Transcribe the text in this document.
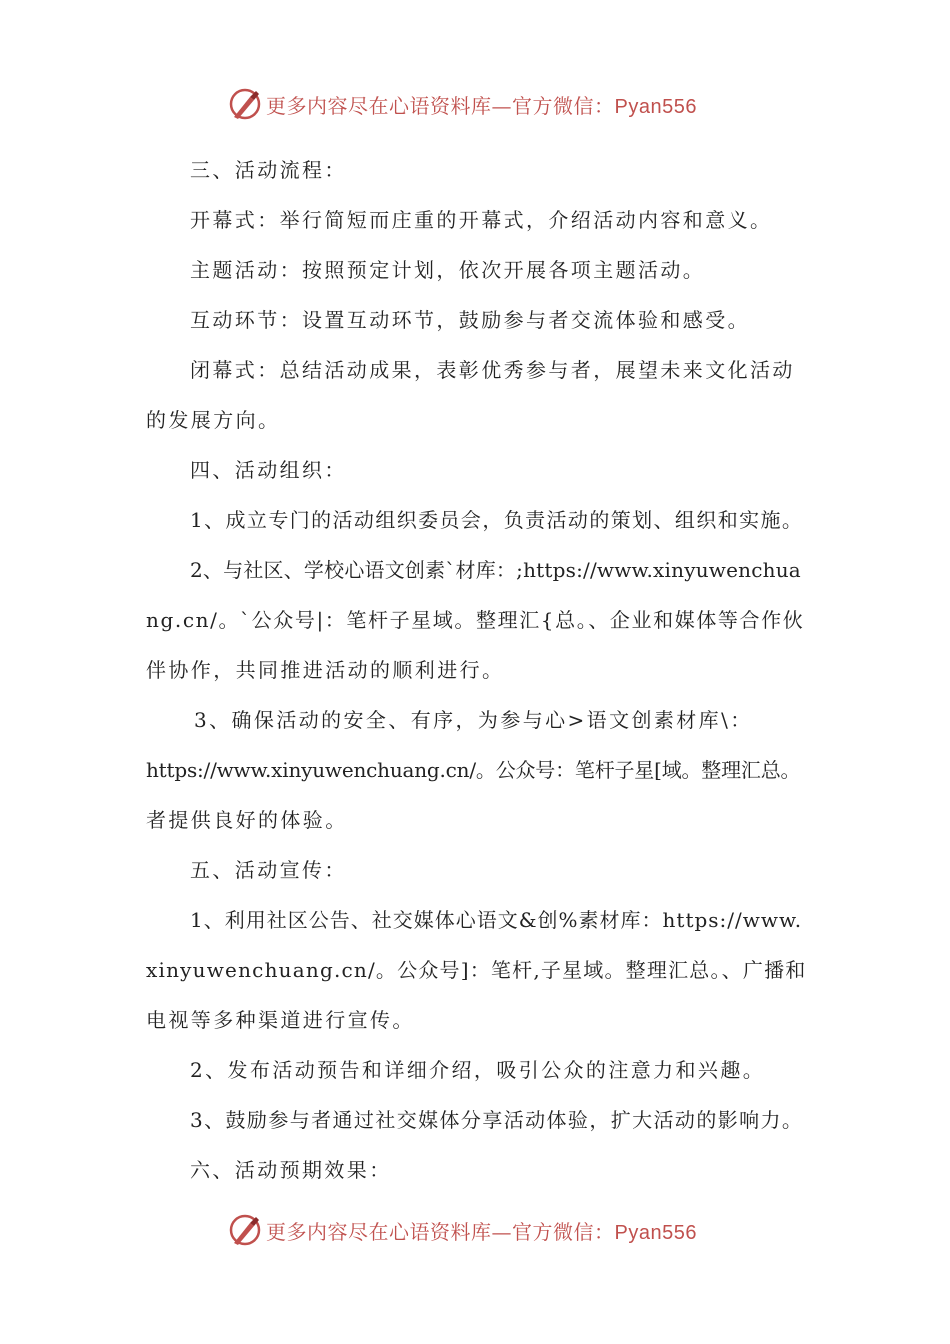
更多内容尽在心语资料库—官方微信：Pyan556
三、活动流程：
开幕式：举行简短而庄重的开幕式，介绍活动内容和意义。
主题活动：按照预定计划，依次开展各项主题活动。
互动环节：设置互动环节，鼓励参与者交流体验和感受。
闭幕式：总结活动成果，表彰优秀参与者，展望未来文化活动
的发展方向。
四、活动组织：
1、成立专门的活动组织委员会，负责活动的策划、组织和实施。
2、与社区、学校心语文创素`材库：;https://www.xinyuwenchua
ng.cn/。`公众号|：笔杆子星域。整理汇{总。、企业和媒体等合作伙
伴协作，共同推进活动的顺利进行。
3、确保活动的安全、有序，为参与心>语文创素材库\：
https://www.xinyuwenchuang.cn/。公众号：笔杆子星[域。整理汇总。
者提供良好的体验。
五、活动宣传：
1、利用社区公告、社交媒体心语文&创%素材库：https://www.
xinyuwenchuang.cn/。公众号]：笔杆,子星域。整理汇总。、广播和
电视等多种渠道进行宣传。
2、发布活动预告和详细介绍，吸引公众的注意力和兴趣。
3、鼓励参与者通过社交媒体分享活动体验，扩大活动的影响力。
六、活动预期效果：
更多内容尽在心语资料库—官方微信：Pyan556
